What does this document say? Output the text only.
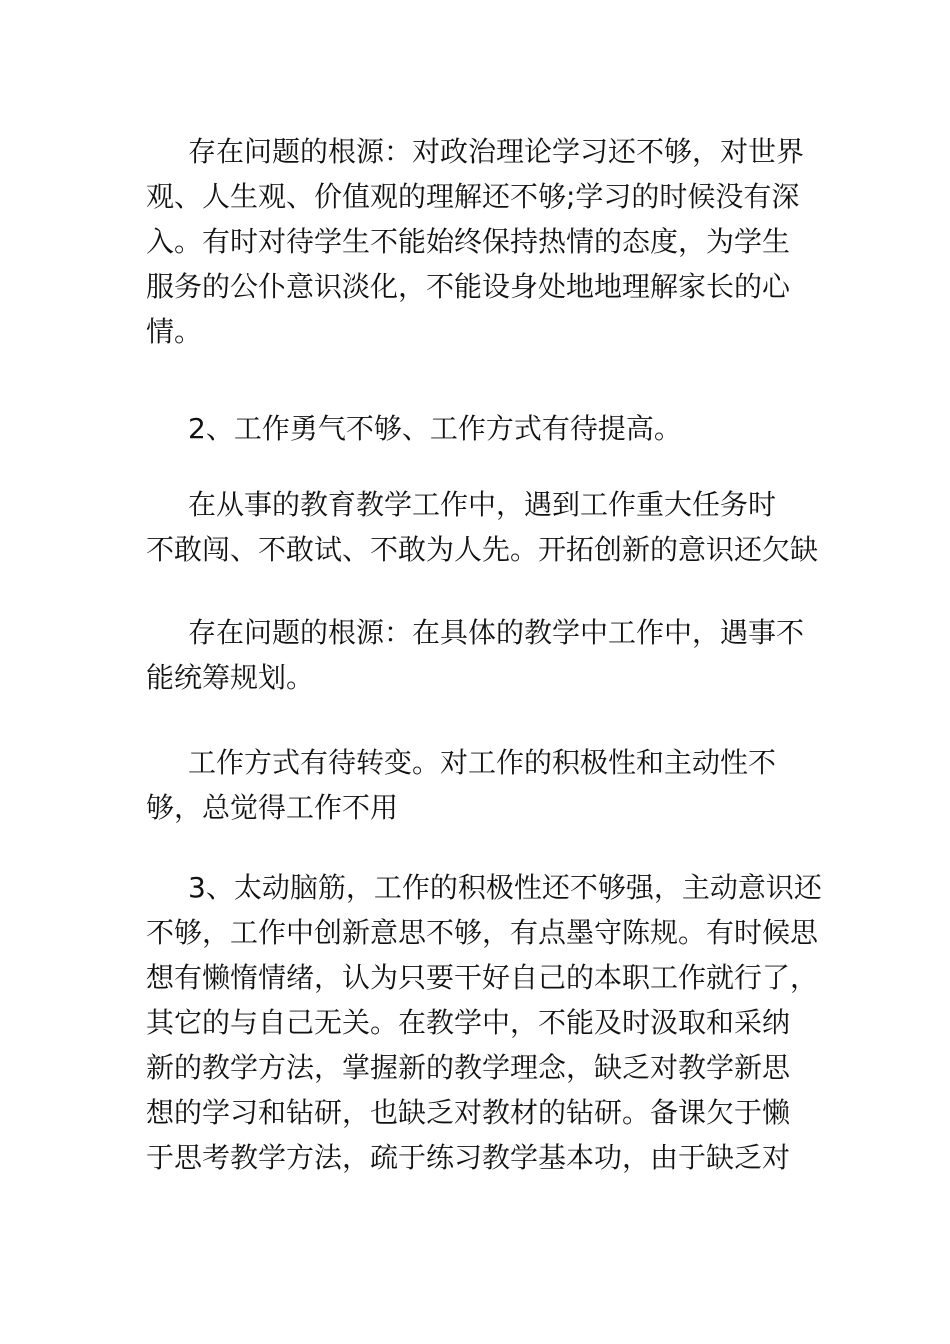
存在问题的根源：对政治理论学习还不够，对世界
观、人生观、价值观的理解还不够;学习的时候没有深
入。有时对待学生不能始终保持热情的态度，为学生
服务的公仆意识淡化，不能设身处地地理解家长的心
情。
2、工作勇气不够、工作方式有待提高。
在从事的教育教学工作中，遇到工作重大任务时
不敢闯、不敢试、不敢为人先。开拓创新的意识还欠缺
存在问题的根源：在具体的教学中工作中，遇事不
能统筹规划。
工作方式有待转变。对工作的积极性和主动性不
够，总觉得工作不用
3、太动脑筋，工作的积极性还不够强，主动意识还
不够，工作中创新意思不够，有点墨守陈规。有时候思
想有懒惰情绪，认为只要干好自己的本职工作就行了，
其它的与自己无关。在教学中，不能及时汲取和采纳
新的教学方法，掌握新的教学理念，缺乏对教学新思
想的学习和钻研，也缺乏对教材的钻研。备课欠于懒
于思考教学方法，疏于练习教学基本功，由于缺乏对
